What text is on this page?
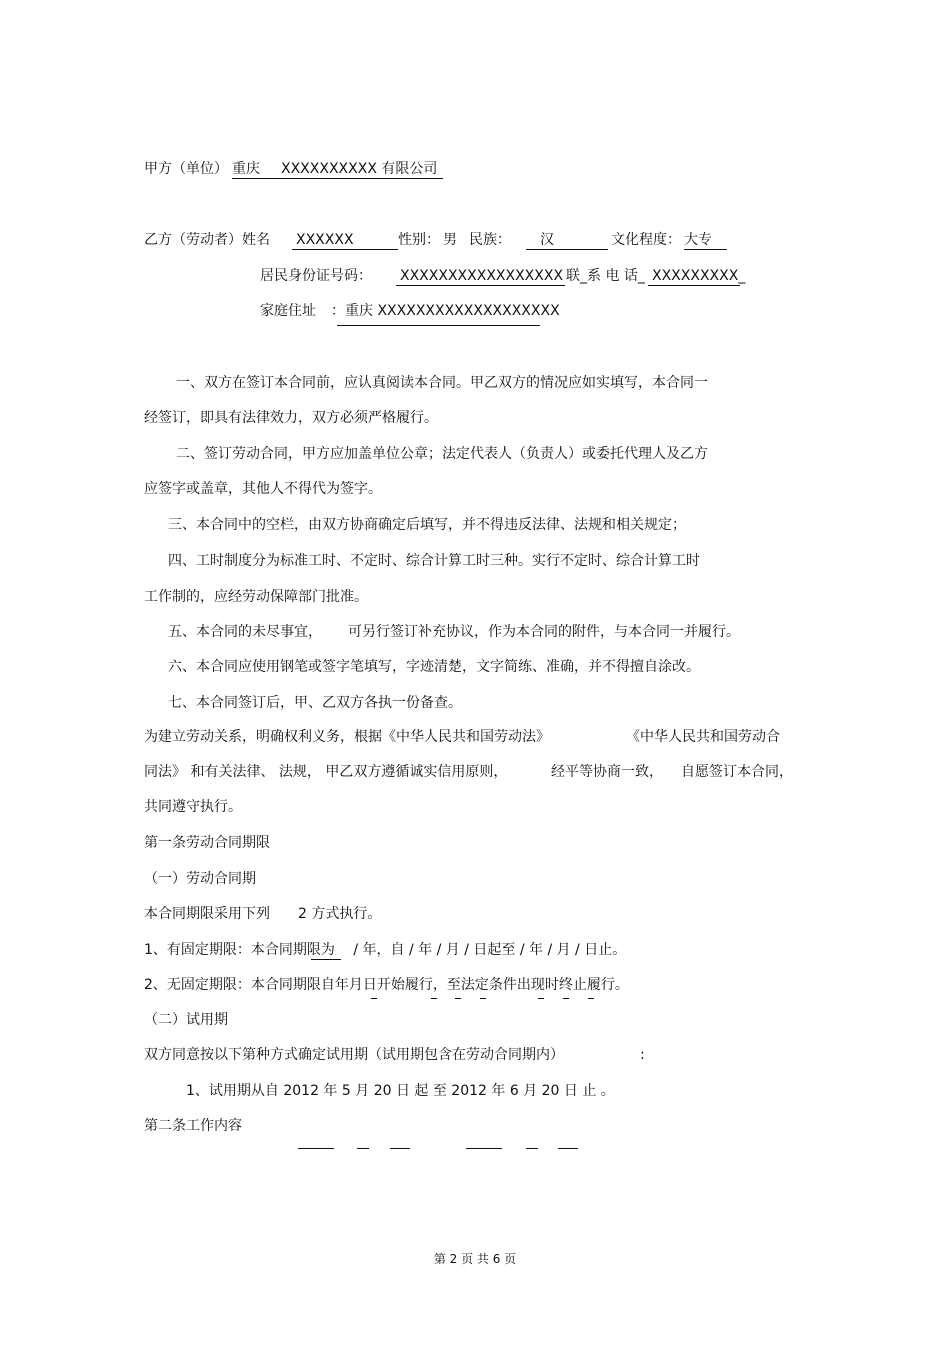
甲方（单位） 重庆 XXXXXXXXXX 有限公司
乙方（劳动者）姓名 XXXXXX	性别： 男 民族： 汉	文化程度： 大专
居民身份证号码： XXXXXXXXXXXXXXXXX 联_系 电 话_ XXXXXXXXX_
家庭住址 ：重庆 XXXXXXXXXXXXXXXXXXX
一、双方在签订本合同前，应认真阅读本合同。甲乙双方的情况应如实填写，本合同一
经签订，即具有法律效力，双方必须严格履行。
二、签订劳动合同，甲方应加盖单位公章；法定代表人（负责人）或委托代理人及乙方
应签字或盖章，其他人不得代为签字。
三、本合同中的空栏，由双方协商确定后填写，并不得违反法律、法规和相关规定；
四、工时制度分为标准工时、不定时、综合计算工时三种。实行不定时、综合计算工时
工作制的，应经劳动保障部门批准。
五、本合同的未尽事宜， 可另行签订补充协议，作为本合同的附件，与本合同一并履行。
六、本合同应使用钢笔或签字笔填写，字迹清楚，文字简练、准确，并不得擅自涂改。
七、本合同签订后，甲、乙双方各执一份备查。
为建立劳动关系，明确权利义务，根据《中华人民共和国劳动法》	《中华人民共和国劳动合
同法》 和有关法律、 法规， 甲乙双方遵循诚实信用原则，	经平等协商一致， 自愿签订本合同，
共同遵守执行。
第一条劳动合同期限
（一）劳动合同期
本合同期限采用下列 2 方式执行。
1、有固定期限：本合同期限为　 / 年，自 / 年 / 月 / 日起至 / 年 / 月 / 日止。
2、无固定期限：本合同期限自年月日开始履行，至法定条件出现时终止履行。
（二）试用期
双方同意按以下第种方式确定试用期（试用期包含在劳动合同期内）	:
1、试用期从自 2012 年 5 月 20 日 起 至 2012 年 6 月 20 日 止 。
第二条工作内容
第 2 页 共 6 页
